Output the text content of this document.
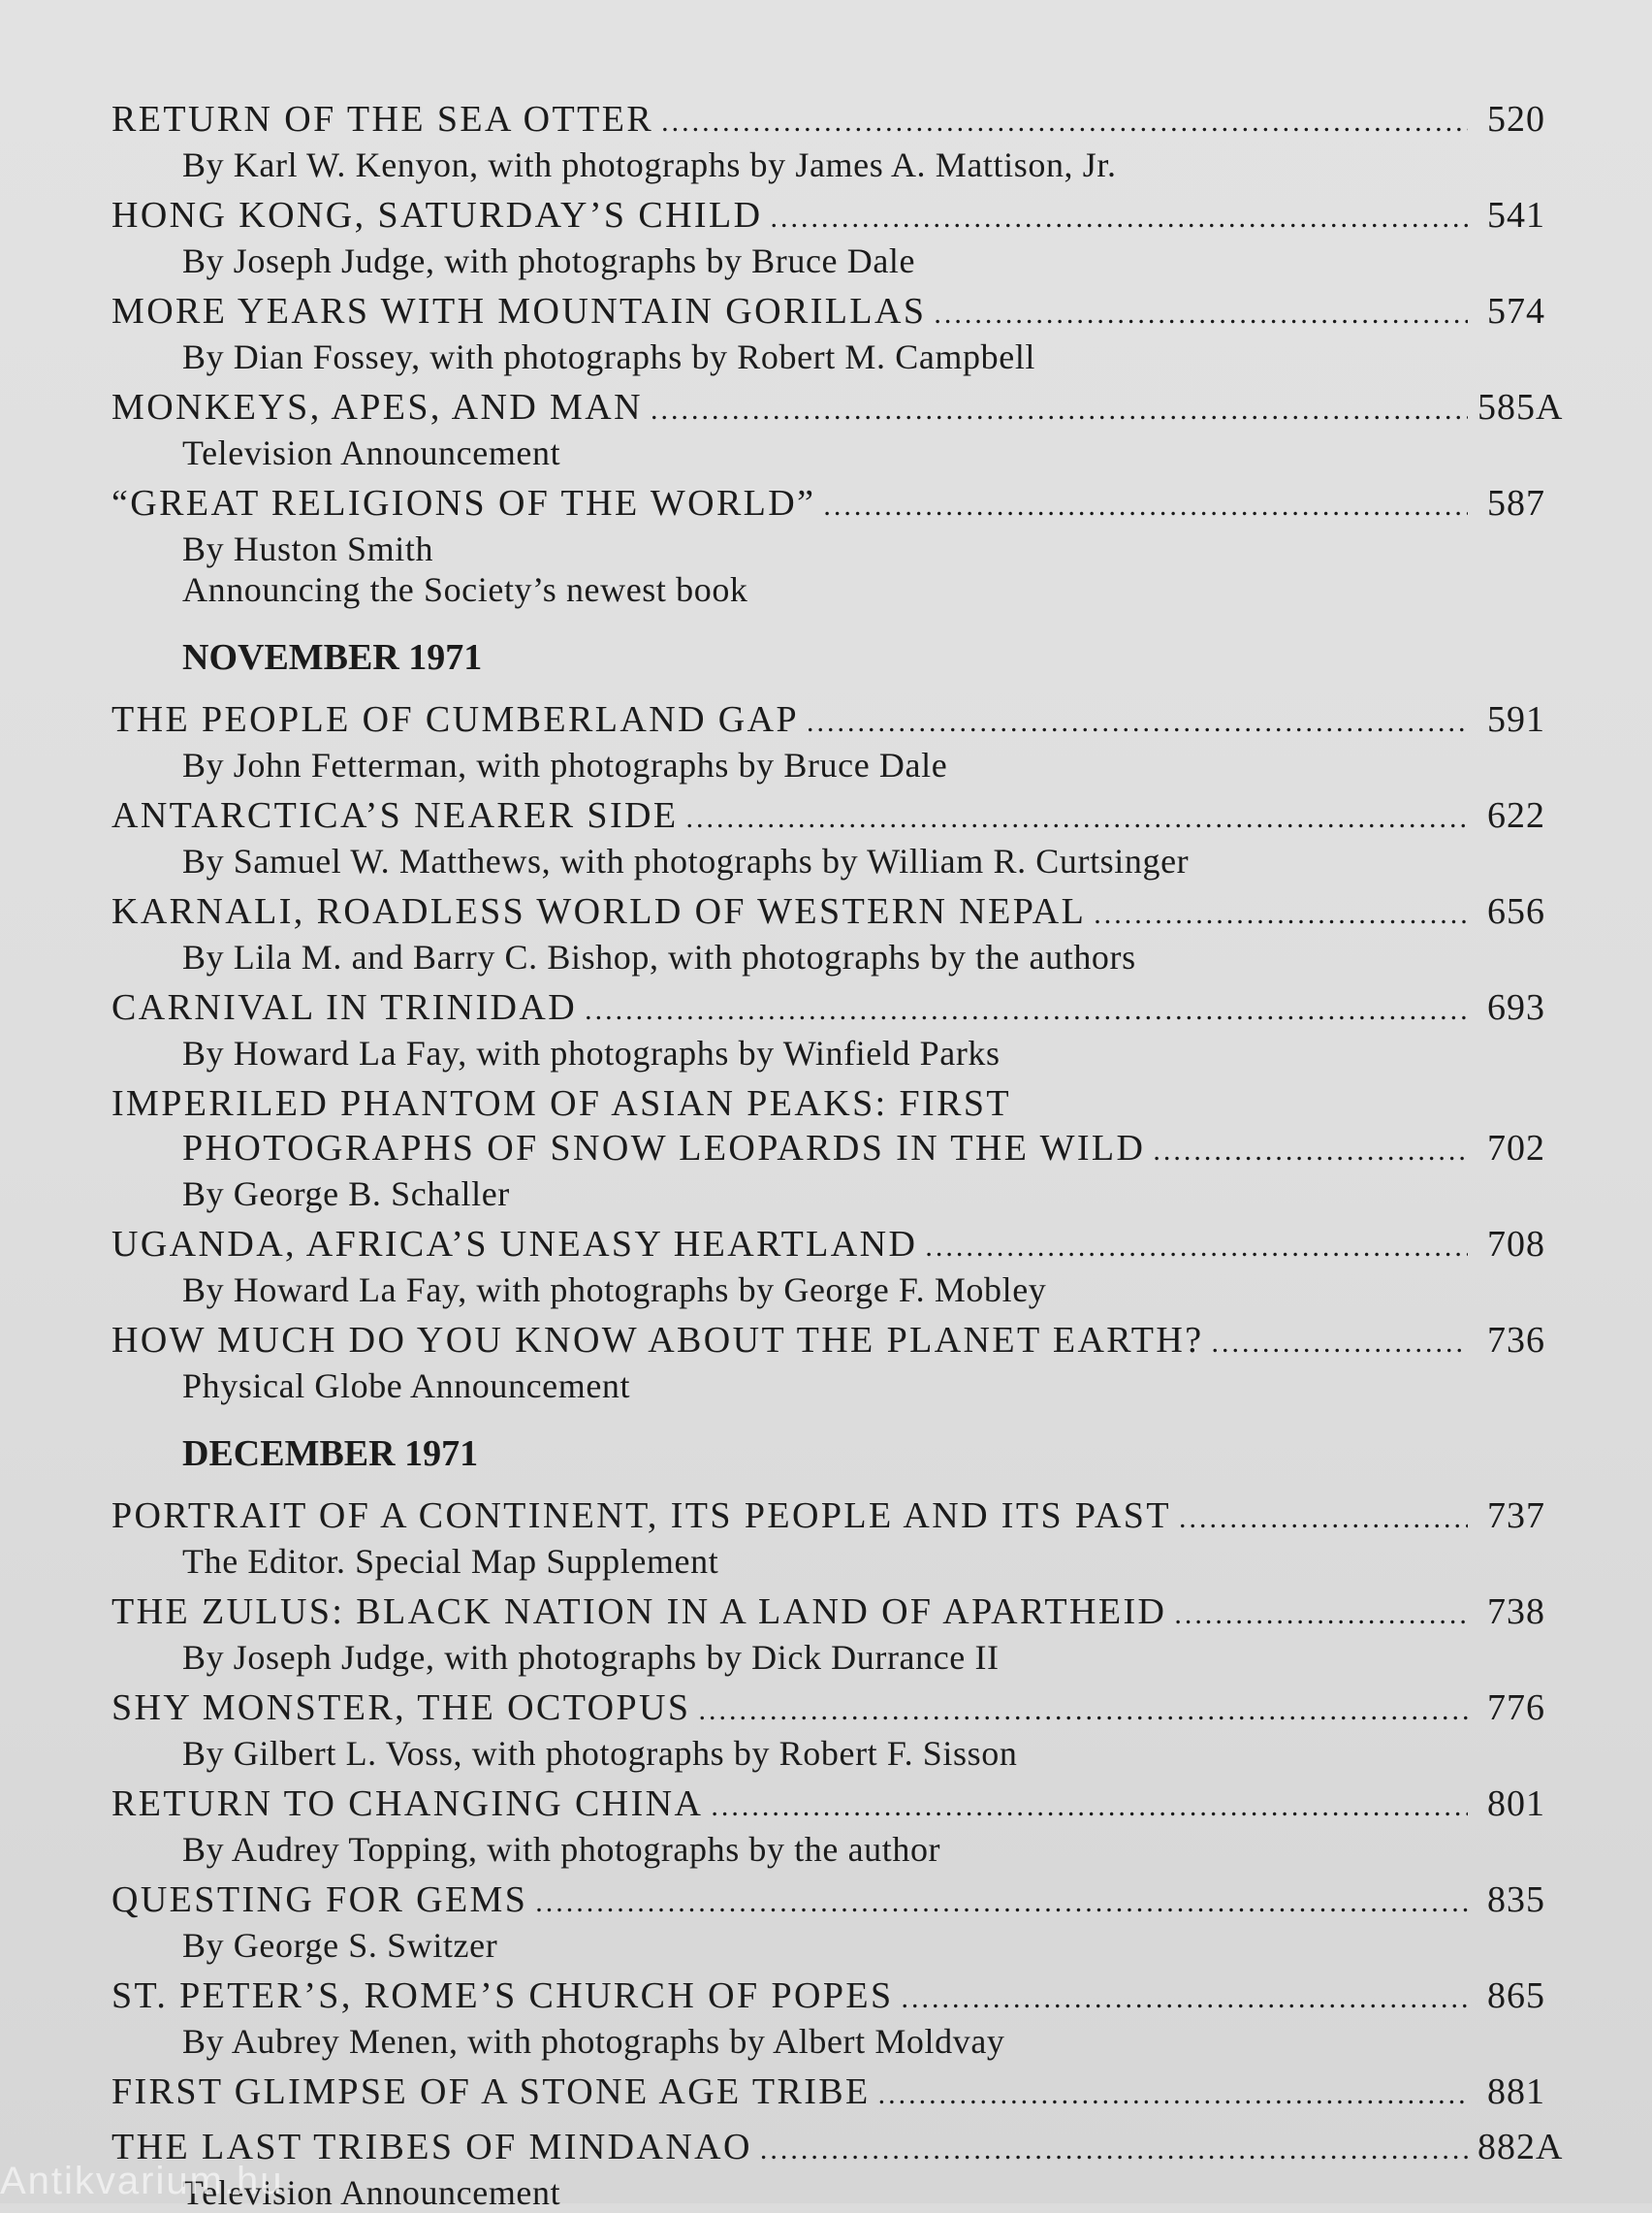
RETURN OF THE SEA OTTER .....	520
By Karl W. Kenyon, with photographs by James A. Mattison, Jr.
HONG KONG, SATURDAY’S CHILD .....	541
By Joseph Judge, with photographs by Bruce Dale
MORE YEARS WITH MOUNTAIN GORILLAS .....	574
By Dian Fossey, with photographs by Robert M. Campbell
MONKEYS, APES, AND MAN .....	585A
Television Announcement
“GREAT RELIGIONS OF THE WORLD” .....	587
By Huston Smith
Announcing the Society’s newest book
NOVEMBER 1971
THE PEOPLE OF CUMBERLAND GAP .....	591
By John Fetterman, with photographs by Bruce Dale
ANTARCTICA’S NEARER SIDE .....	622
By Samuel W. Matthews, with photographs by William R. Curtsinger
KARNALI, ROADLESS WORLD OF WESTERN NEPAL .....	656
By Lila M. and Barry C. Bishop, with photographs by the authors
CARNIVAL IN TRINIDAD .....	693
By Howard La Fay, with photographs by Winfield Parks
IMPERILED PHANTOM OF ASIAN PEAKS: FIRST
PHOTOGRAPHS OF SNOW LEOPARDS IN THE WILD .....	702
By George B. Schaller
UGANDA, AFRICA’S UNEASY HEARTLAND .....	708
By Howard La Fay, with photographs by George F. Mobley
HOW MUCH DO YOU KNOW ABOUT THE PLANET EARTH? .....	736
Physical Globe Announcement
DECEMBER 1971
PORTRAIT OF A CONTINENT, ITS PEOPLE AND ITS PAST .....	737
The Editor. Special Map Supplement
THE ZULUS: BLACK NATION IN A LAND OF APARTHEID .....	738
By Joseph Judge, with photographs by Dick Durrance II
SHY MONSTER, THE OCTOPUS .....	776
By Gilbert L. Voss, with photographs by Robert F. Sisson
RETURN TO CHANGING CHINA .....	801
By Audrey Topping, with photographs by the author
QUESTING FOR GEMS .....	835
By George S. Switzer
ST. PETER’S, ROME’S CHURCH OF POPES .....	865
By Aubrey Menen, with photographs by Albert Moldvay
FIRST GLIMPSE OF A STONE AGE TRIBE .....	881
THE LAST TRIBES OF MINDANAO .....	882A
Television Announcement
Antikvarium.hu
